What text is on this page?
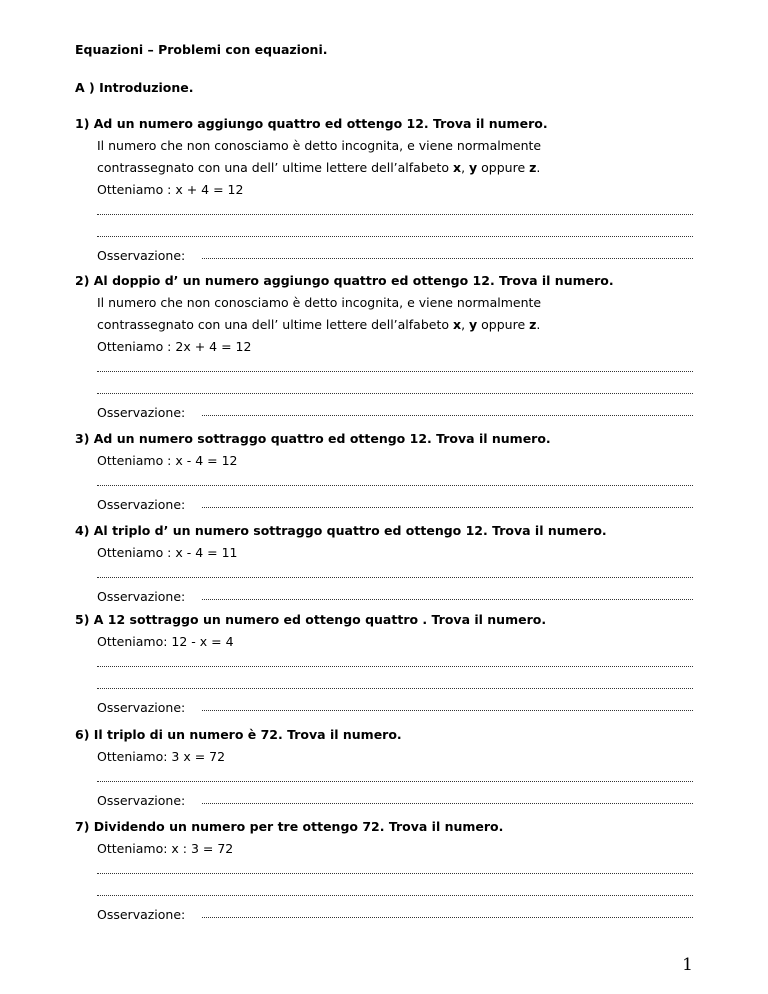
Equazioni – Problemi con equazioni.
A ) Introduzione.
1) Ad un numero aggiungo quattro ed ottengo 12. Trova il numero.
Il numero che non conosciamo è detto incognita, e viene normalmente
contrassegnato con una dell’ ultime lettere dell’alfabeto x, y oppure z.
Otteniamo : x + 4 = 12
Osservazione:
2) Al doppio d’ un numero aggiungo quattro ed ottengo 12. Trova il numero.
Il numero che non conosciamo è detto incognita, e viene normalmente
contrassegnato con una dell’ ultime lettere dell’alfabeto x, y oppure z.
Otteniamo : 2x + 4 = 12
Osservazione:
3) Ad un numero sottraggo quattro ed ottengo 12. Trova il numero.
Otteniamo : x - 4 = 12
Osservazione:
4) Al triplo d’ un numero sottraggo quattro ed ottengo 12. Trova il numero.
Otteniamo : x - 4 = 11
Osservazione:
5) A 12 sottraggo un numero ed ottengo quattro . Trova il numero.
Otteniamo: 12 - x = 4
Osservazione:
6) Il triplo di un numero è 72. Trova il numero.
Otteniamo: 3 x = 72
Osservazione:
7) Dividendo un numero per tre ottengo 72. Trova il numero.
Otteniamo: x : 3 = 72
Osservazione:
1
